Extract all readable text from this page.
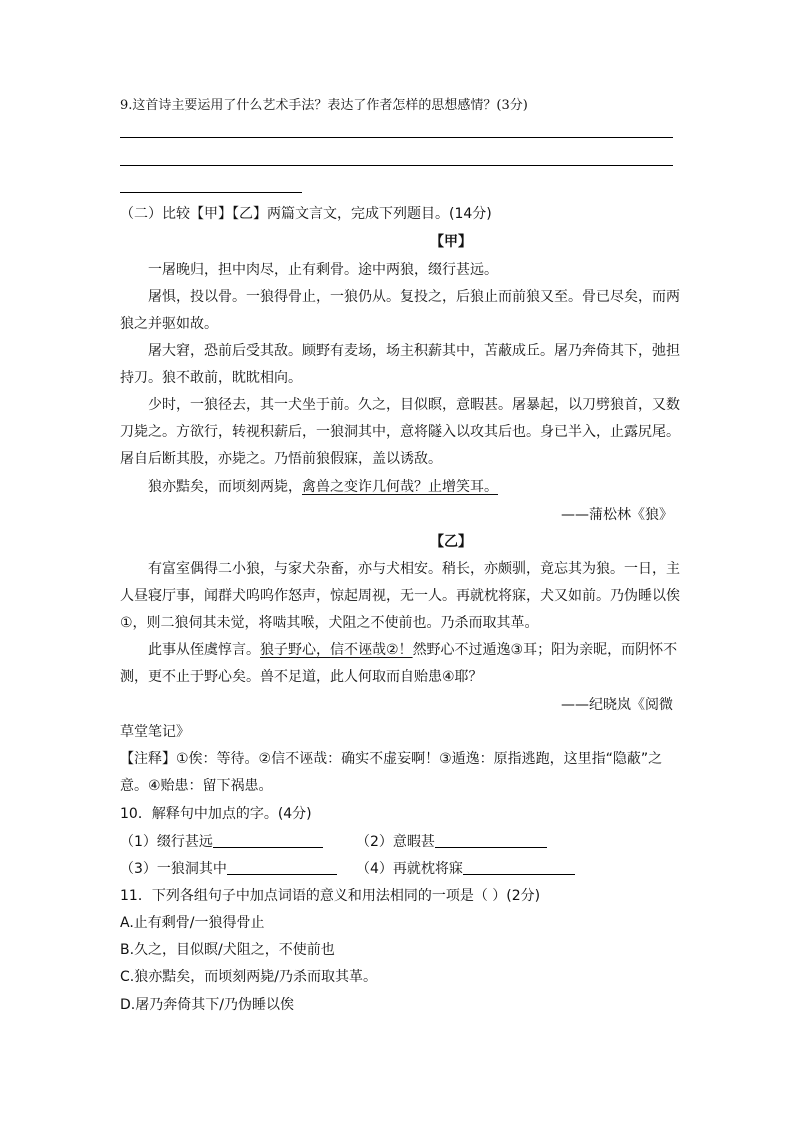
9.这首诗主要运用了什么艺术手法？表达了作者怎样的思想感情？(3分)
（二）比较【甲】【乙】两篇文言文，完成下列题目。(14分)
【甲】
一屠晚归，担中肉尽，止有剩骨。途中两狼，缀行甚远。
屠惧，投以骨。一狼得骨止，一狼仍从。复投之，后狼止而前狼又至。骨已尽矣，而两
狼之并驱如故。
屠大窘，恐前后受其敌。顾野有麦场，场主积薪其中，苫蔽成丘。屠乃奔倚其下，弛担
持刀。狼不敢前，眈眈相向。
少时，一狼径去，其一犬坐于前。久之，目似瞑，意暇甚。屠暴起，以刀劈狼首，又数
刀毙之。方欲行，转视积薪后，一狼洞其中，意将隧入以攻其后也。身已半入，止露尻尾。
屠自后断其股，亦毙之。乃悟前狼假寐，盖以诱敌。
狼亦黠矣，而顷刻两毙，禽兽之变诈几何哉？止增笑耳。
——蒲松林《狼》
【乙】
有富室偶得二小狼，与家犬杂畜，亦与犬相安。稍长，亦颇驯，竟忘其为狼。一日，主
人昼寝厅事，闻群犬呜呜作怒声，惊起周视，无一人。再就枕将寐，犬又如前。乃伪睡以俟
①，则二狼伺其未觉，将啮其喉，犬阻之不使前也。乃杀而取其革。
此事从侄虞惇言。狼子野心，信不诬哉②！然野心不过遁逸③耳；阳为亲昵，而阴怀不
测，更不止于野心矣。兽不足道，此人何取而自贻患④耶？
——纪晓岚《阅微
草堂笔记》
【注释】①俟：等待。②信不诬哉：确实不虚妄啊！③遁逸：原指逃跑，这里指“隐蔽”之
意。④贻患：留下祸患。
10．解释句中加点的字。(4分)
（1）缀行甚远	（2）意暇甚
（3）一狼洞其中	（4）再就枕将寐
11．下列各组句子中加点词语的意义和用法相同的一项是（ ）(2分)
A.止有剩骨/一狼得骨止
B.久之，目似瞑/犬阻之，不使前也
C.狼亦黠矣，而顷刻两毙/乃杀而取其革。
D.屠乃奔倚其下/乃伪睡以俟
